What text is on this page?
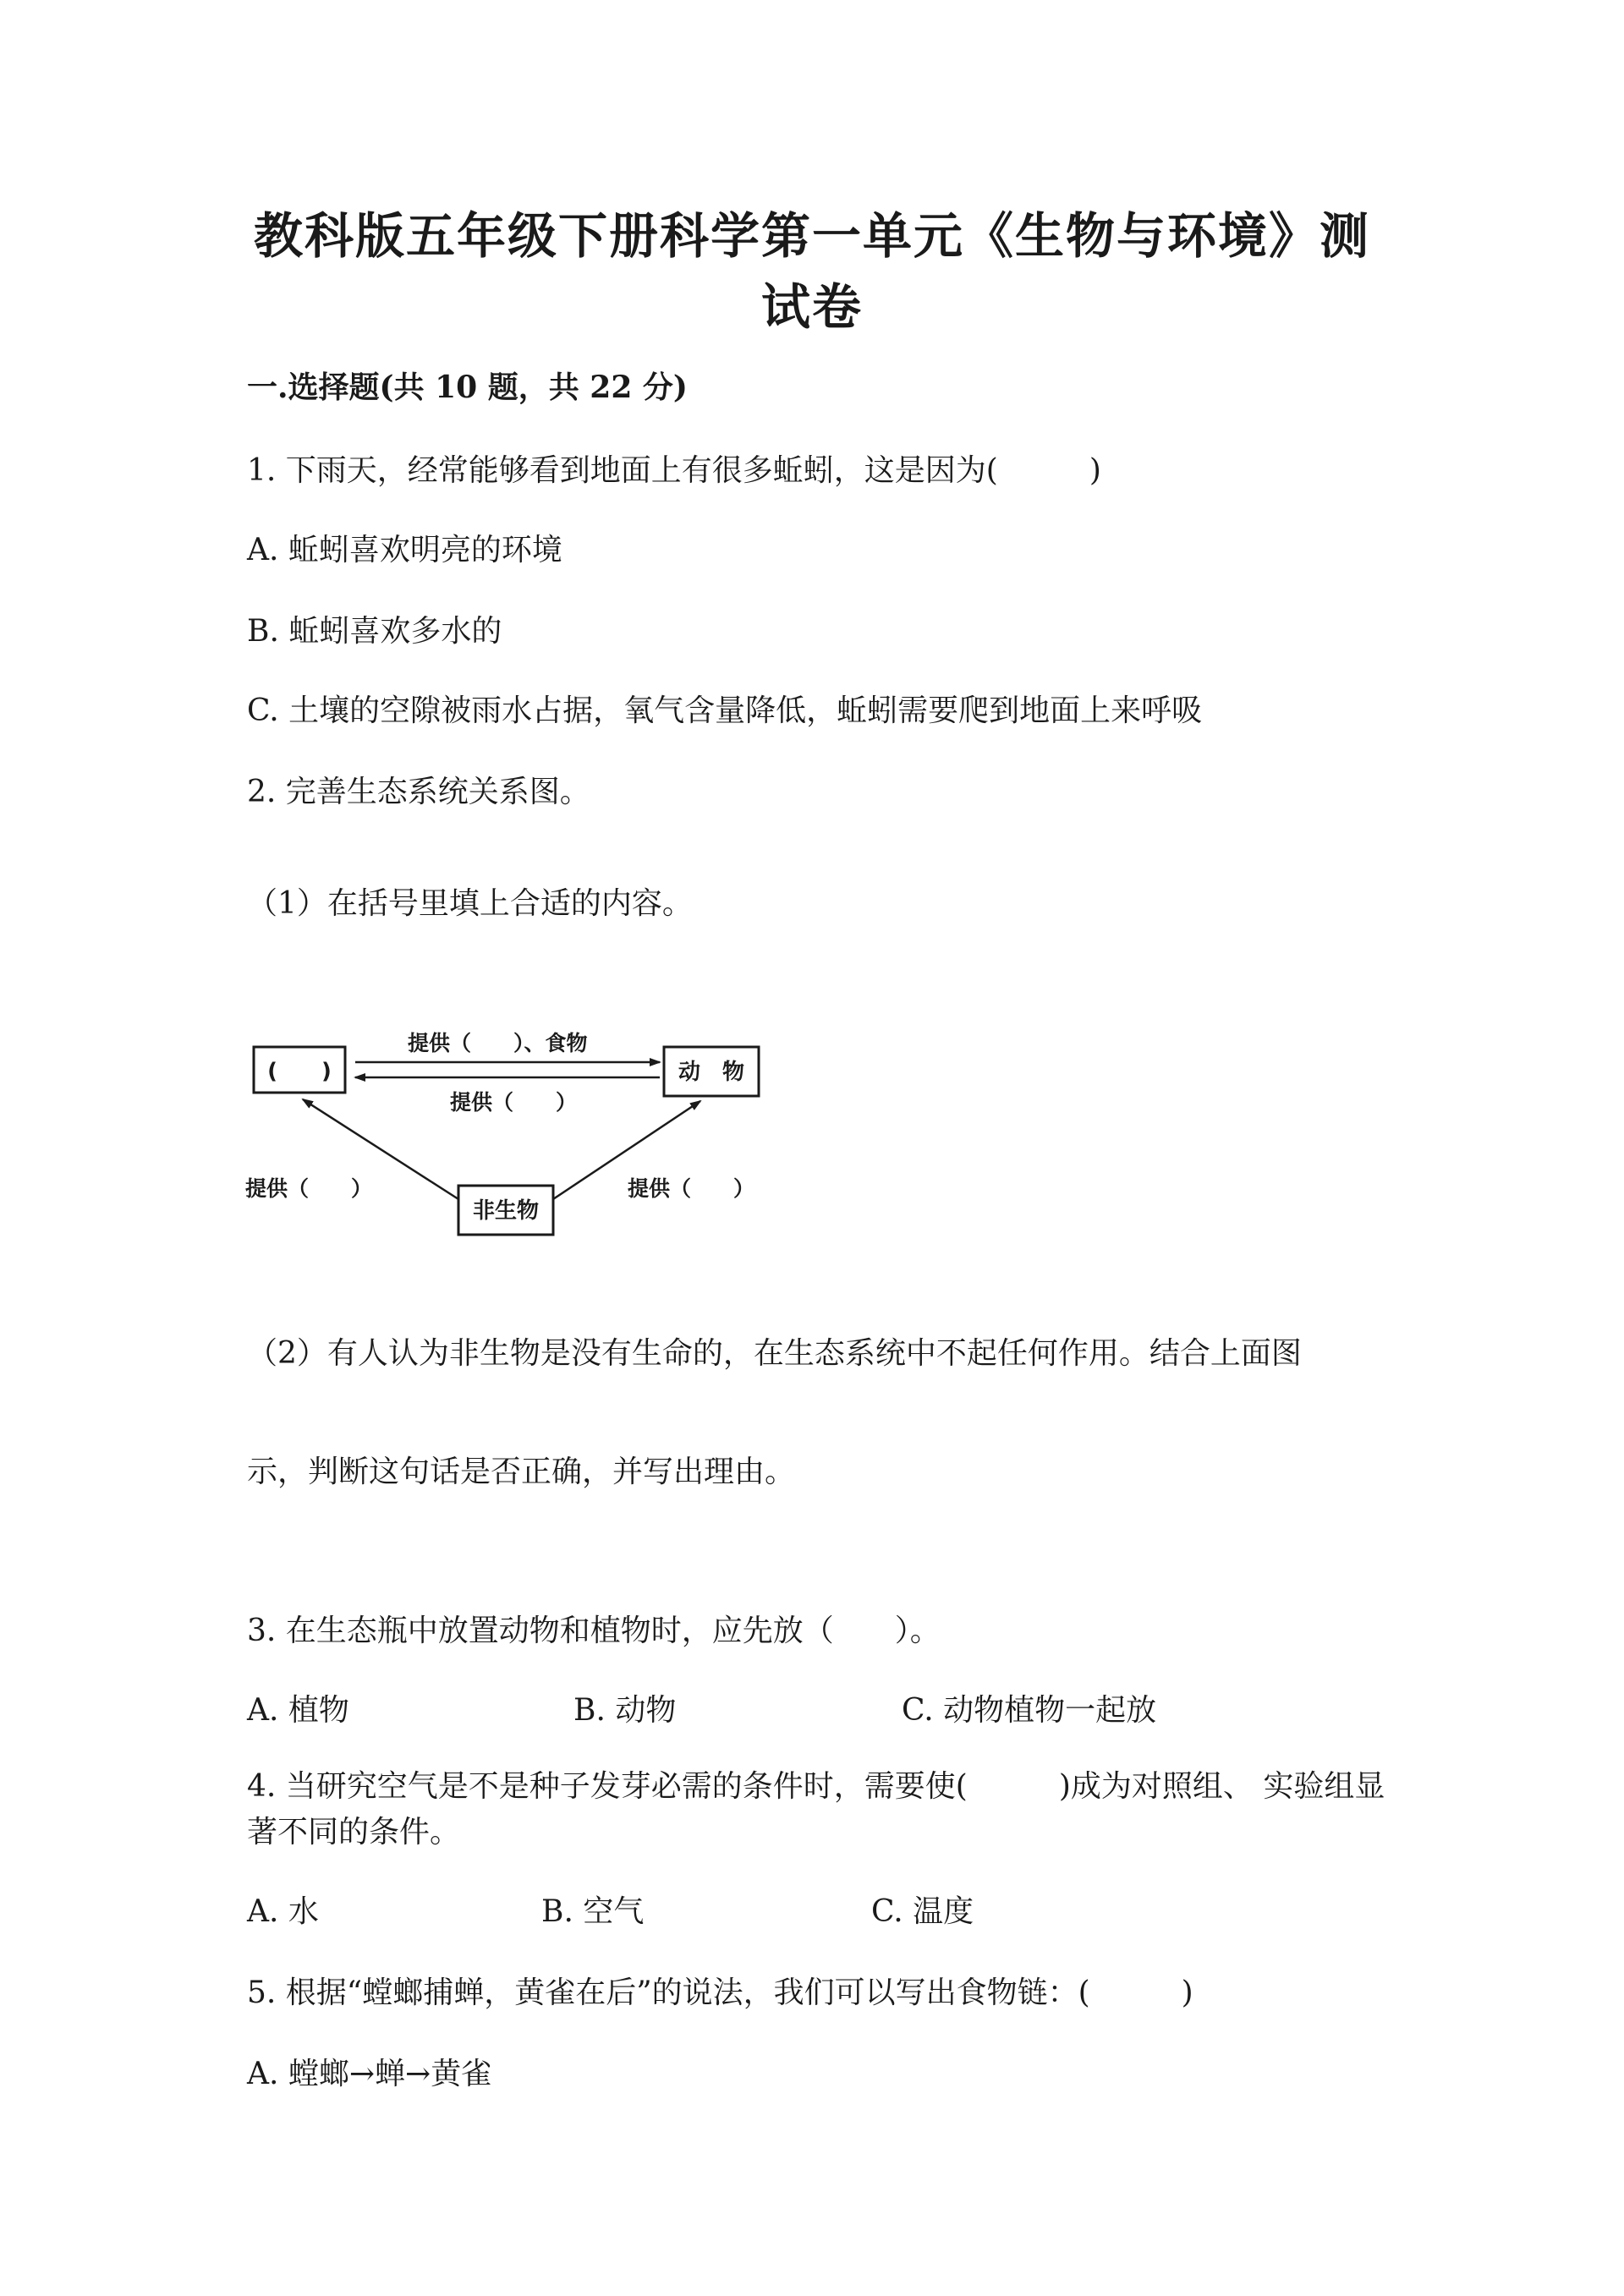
教科版五年级下册科学第一单元《生物与环境》测
试卷

一.选择题(共 10 题，共 22 分)

1. 下雨天，经常能够看到地面上有很多蚯蚓，这是因为(　　　)

A. 蚯蚓喜欢明亮的环境

B. 蚯蚓喜欢多水的

C. 土壤的空隙被雨水占据，氧气含量降低，蚯蚓需要爬到地面上来呼吸

2. 完善生态系统关系图。

（1）在括号里填上合适的内容。

(　　)	动　物
非生物
提供（　　）、食物
提供（　　）
提供（　　）	提供（　　）

（2）有人认为非生物是没有生命的，在生态系统中不起任何作用。结合上面图

示，判断这句话是否正确，并写出理由。

3. 在生态瓶中放置动物和植物时，应先放（　　）。

A. 植物	B. 动物	C. 动物植物一起放

4. 当研究空气是不是种子发芽必需的条件时，需要使(　　　)成为对照组、 实验组显著不同的条件。

A. 水	B. 空气	C. 温度

5. 根据“螳螂捕蝉，黄雀在后”的说法，我们可以写出食物链：(　　　)

A. 螳螂→蝉→黄雀
